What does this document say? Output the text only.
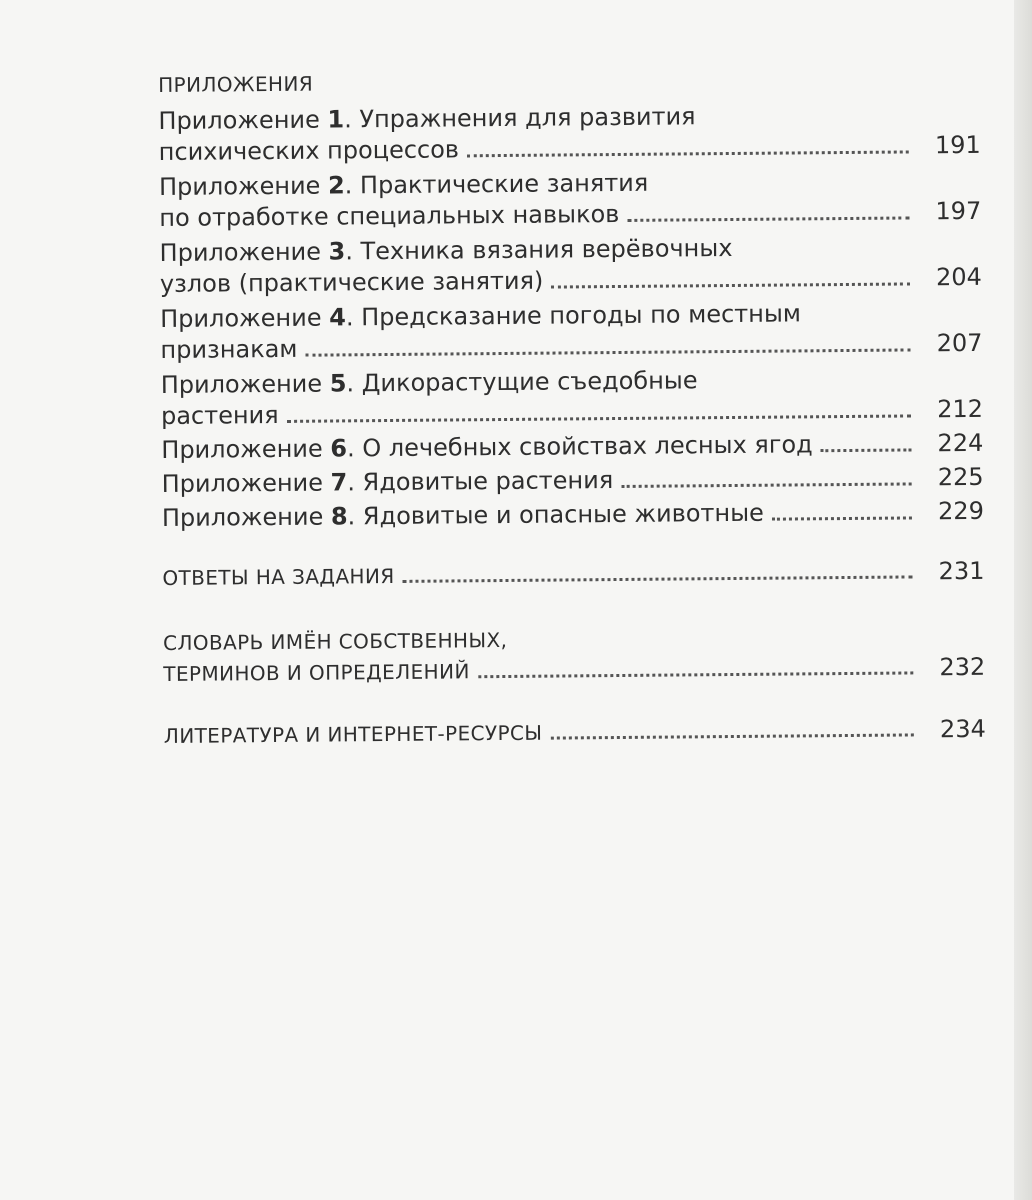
ПРИЛОЖЕНИЯ
Приложение 1. Упражнения для развития
психических процессов	191
Приложение 2. Практические занятия
по отработке специальных навыков	197
Приложение 3. Техника вязания верёвочных
узлов (практические занятия)	204
Приложение 4. Предсказание погоды по местным
признакам	207
Приложение 5. Дикорастущие съедобные
растения	212
Приложение 6. О лечебных свойствах лесных ягод	224
Приложение 7. Ядовитые растения	225
Приложение 8. Ядовитые и опасные животные	229
ОТВЕТЫ НА ЗАДАНИЯ	231
СЛОВАРЬ ИМЁН СОБСТВЕННЫХ,
ТЕРМИНОВ И ОПРЕДЕЛЕНИЙ	232
ЛИТЕРАТУРА И ИНТЕРНЕТ-РЕСУРСЫ	234
